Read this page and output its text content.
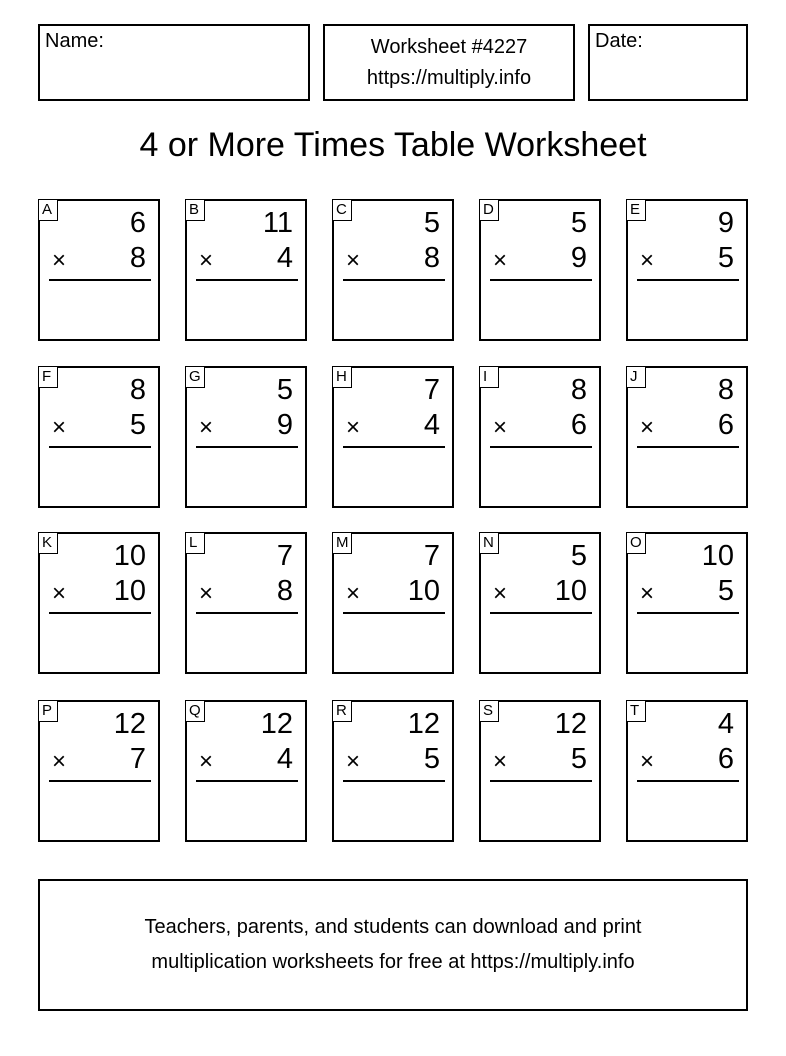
Name:	Worksheet #4227
https://multiply.info
Date:
4 or More Times Table Worksheet
A	6
× 8
B 11
× 4
C	5
× 8
D	5
× 9
E	9
× 5
F	8
× 5
G	5
× 9
H	7
× 4
I	8
× 6
J	8
× 6
K 10
× 10
L	7
× 8
M	7
× 10
N	5
× 10
O 10
× 5
P 12
× 7
Q 12
× 4
R 12
× 5
S 12
× 5
T	4
× 6
Teachers, parents, and students can download and print
multiplication worksheets for free at https://multiply.info
